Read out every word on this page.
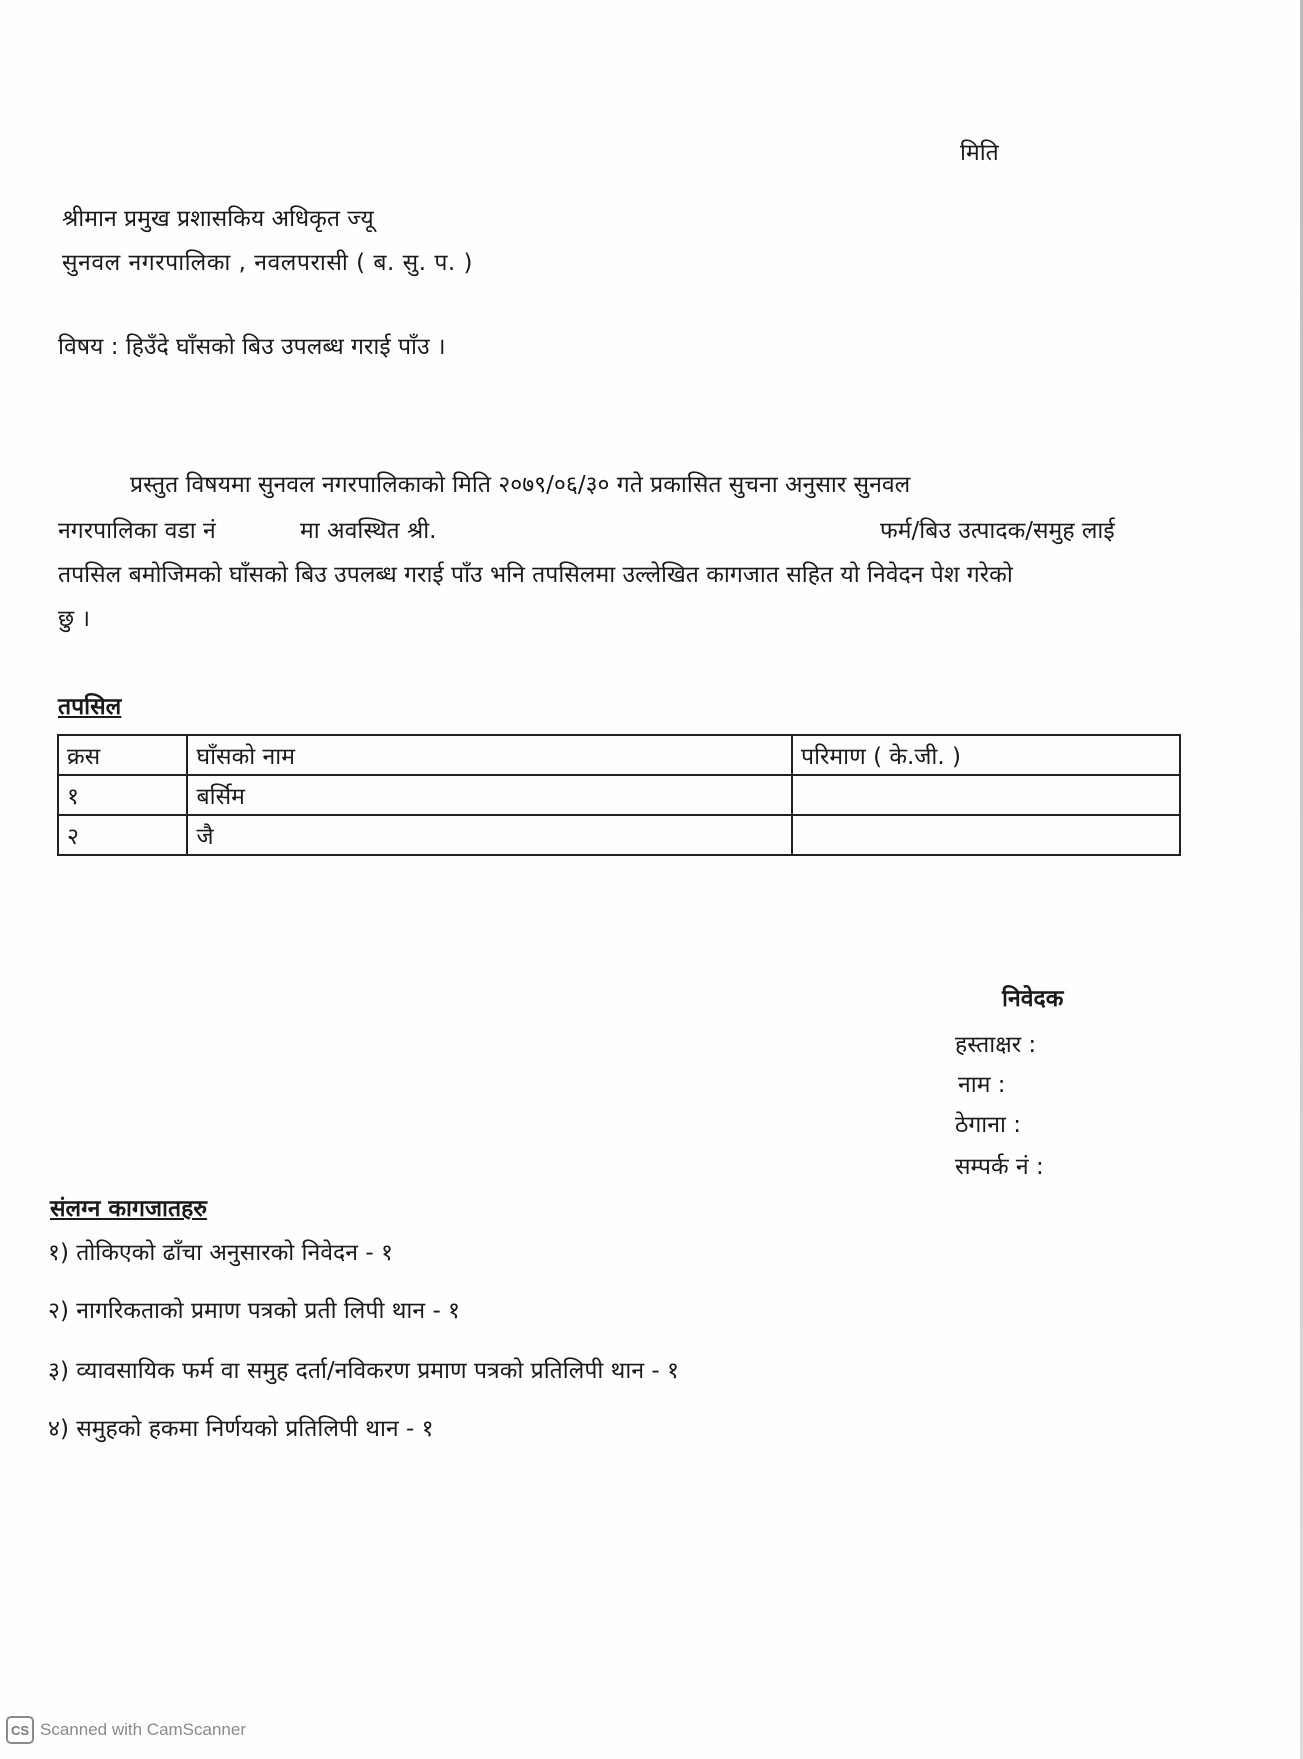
मिति
श्रीमान प्रमुख प्रशासकिय अधिकृत ज्यू
सुनवल नगरपालिका , नवलपरासी ( ब. सु. प. )
विषय : हिउँदे घाँसको बिउ उपलब्ध गराई पाँउ ।
प्रस्तुत विषयमा सुनवल नगरपालिकाको मिति २०७९/०६/३० गते प्रकासित सुचना अनुसार सुनवल
नगरपालिका वडा नं	मा अवस्थित श्री.	फर्म/बिउ उत्पादक/समुह लाई
तपसिल बमोजिमको घाँसको बिउ उपलब्ध गराई पाँउ भनि तपसिलमा उल्लेखित कागजात सहित यो निवेदन पेश गरेको
छु ।
तपसिल
क्रस	घाँसको नाम	परिमाण ( के.जी. )
१	बर्सिम	
२	जै	
निवेदक
हस्ताक्षर :
नाम :
ठेगाना :
सम्पर्क नं :
संलग्न कागजातहरु
१) तोकिएको ढाँचा अनुसारको निवेदन - १
२) नागरिकताको प्रमाण पत्रको प्रती लिपी थान - १
३) व्यावसायिक फर्म वा समुह दर्ता/नविकरण प्रमाण पत्रको प्रतिलिपी थान - १
४) समुहको हकमा निर्णयको प्रतिलिपी थान - १
CS Scanned with CamScanner
